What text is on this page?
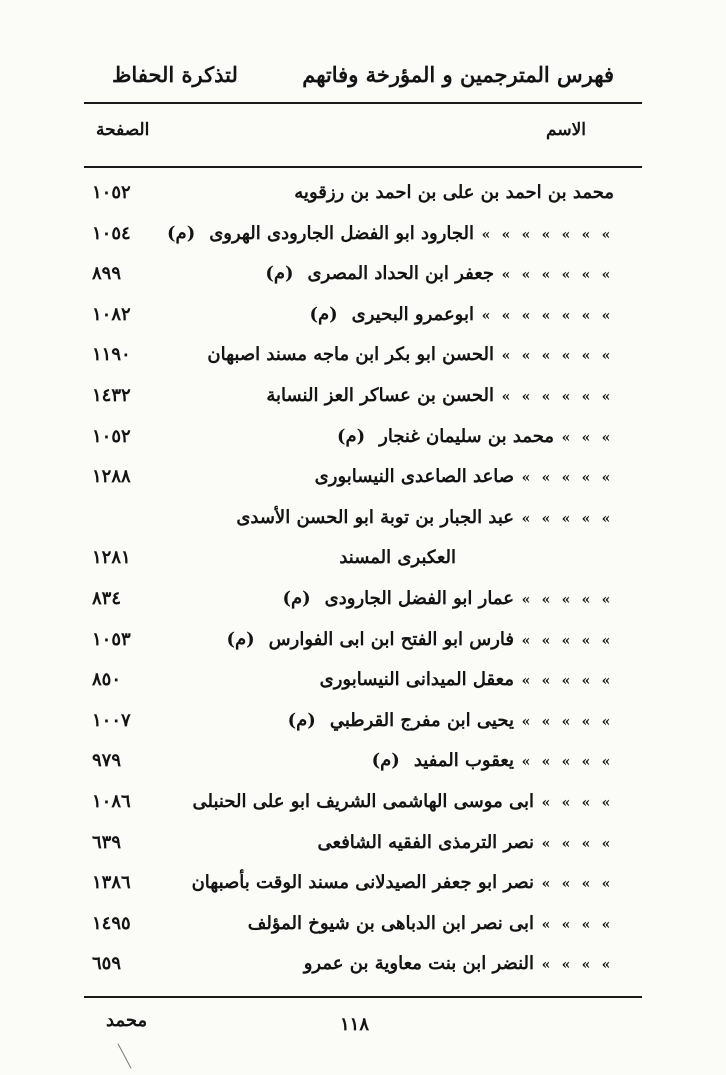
فهرس المترجمين و المؤرخة وفاتهم
لتذكرة الحفاظ
الاسم
الصفحة
محمد بن احمد بن على بن احمد بن رزقويه
١٠٥٢
»»»»»»»الجارود ابو الفضل الجارودى الهروى(م)
١٠٥٤
»»»»»»جعفر ابن الحداد المصرى(م)
٨٩٩
»»»»»»»ابوعمرو البحيرى(م)
١٠٨٢
»»»»»»الحسن ابو بكر ابن ماجه مسند اصبهان
١١٩٠
»»»»»»الحسن بن عساكر العز النسابة
١٤٣٢
»»»محمد بن سليمان غنجار(م)
١٠٥٢
»»»»»صاعد الصاعدى النيسابورى
١٢٨٨
»»»»»عبد الجبار بن توبة ابو الحسن الأسدى
العكبرى المسند
١٢٨١
»»»»»عمار ابو الفضل الجارودى(م)
٨٣٤
»»»»»فارس ابو الفتح ابن ابى الفوارس(م)
١٠٥٣
»»»»»معقل الميدانى النيسابورى
٨٥٠
»»»»»يحيى ابن مفرج القرطبي(م)
١٠٠٧
»»»»»يعقوب المفيد(م)
٩٧٩
»»»»ابى موسى الهاشمى الشريف ابو على الحنبلى
١٠٨٦
»»»»نصر الترمذى الفقيه الشافعى
٦٣٩
»»»»نصر ابو جعفر الصيدلانى مسند الوقت بأصبهان
١٣٨٦
»»»»ابى نصر ابن الدباهى بن شيوخ المؤلف
١٤٩٥
»»»»النضر ابن بنت معاوية بن عمرو
٦٥٩
١١٨
محمد
